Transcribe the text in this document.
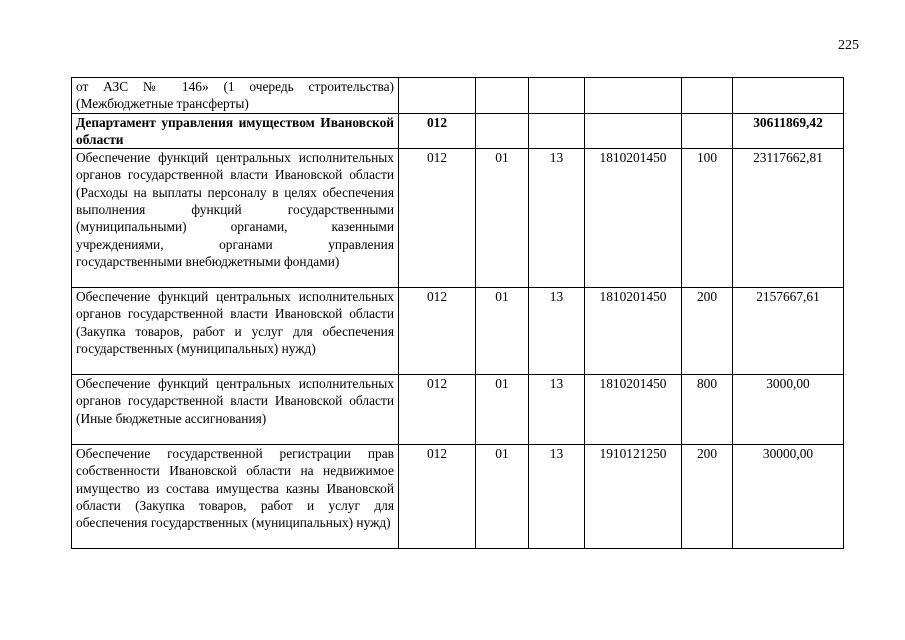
225
от АЗС № 146» (1 очередь строительства) (Межбюджетные трансферты)						
Департамент управления имуществом Ивановской области	012					30611869,42
Обеспечение функций центральных исполнительных органов государственной власти Ивановской области (Расходы на выплаты персоналу в целях обеспечения выполнения функций государственными (муниципальными) органами, казенными учреждениями, органами управления государственными внебюджетными фондами)	012	01	13	1810201450	100	23117662,81
Обеспечение функций центральных исполнительных органов государственной власти Ивановской области (Закупка товаров, работ и услуг для обеспечения государственных (муниципальных) нужд)	012	01	13	1810201450	200	2157667,61
Обеспечение функций центральных исполнительных органов государственной власти Ивановской области (Иные бюджетные ассигнования)	012	01	13	1810201450	800	3000,00
Обеспечение государственной регистрации прав собственности Ивановской области на недвижимое имущество из состава имущества казны Ивановской области (Закупка товаров, работ и услуг для обеспечения государственных (муниципальных) нужд)	012	01	13	1910121250	200	30000,00
